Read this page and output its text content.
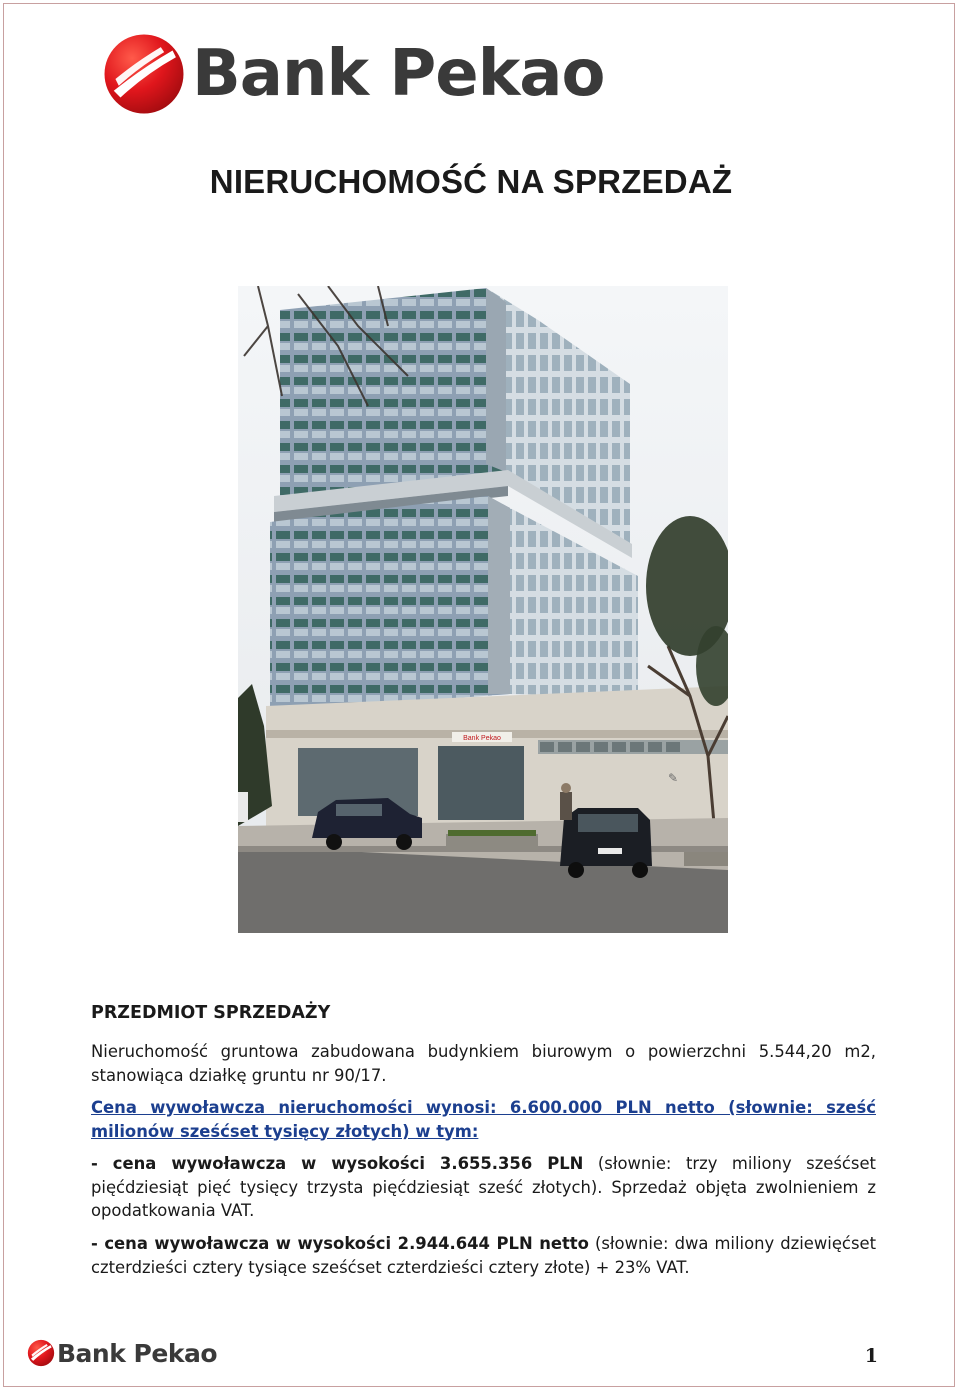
Bank Pekao
NIERUCHOMOŚĆ NA SPRZEDAŻ
Bank Pekao
✎
PRZEDMIOT SPRZEDAŻY
Nieruchomość gruntowa zabudowana budynkiem biurowym o powierzchni 5.544,20 m2, stanowiąca działkę gruntu nr 90/17.
Cena wywoławcza nieruchomości wynosi: 6.600.000 PLN netto (słownie: sześć milionów sześćset tysięcy złotych) w tym:
- cena wywoławcza w wysokości 3.655.356 PLN (słownie: trzy miliony sześćset pięćdziesiąt pięć tysięcy trzysta pięćdziesiąt sześć złotych). Sprzedaż objęta zwolnieniem z opodatkowania VAT.
- cena wywoławcza w wysokości 2.944.644 PLN netto (słownie: dwa miliony dziewięćset czterdzieści cztery tysiące sześćset czterdzieści cztery złote) + 23% VAT.
Bank Pekao	1
